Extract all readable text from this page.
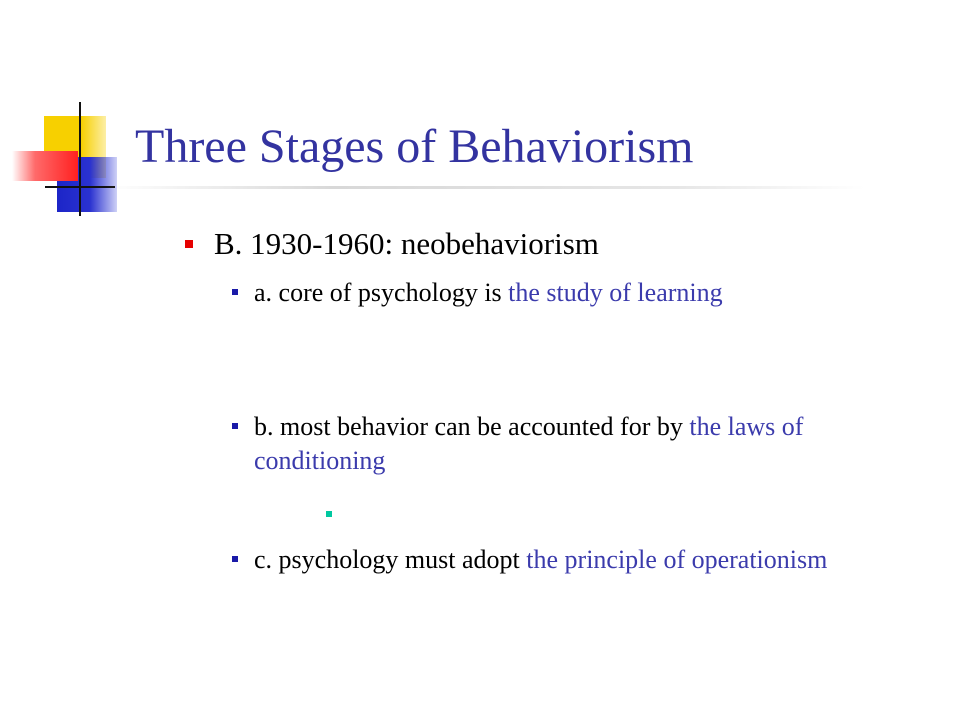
Three Stages of Behaviorism
B. 1930-1960: neobehaviorism
a. core of psychology is the study of learning
b. most behavior can be accounted for by the laws of conditioning
c. psychology must adopt the principle of operationism
